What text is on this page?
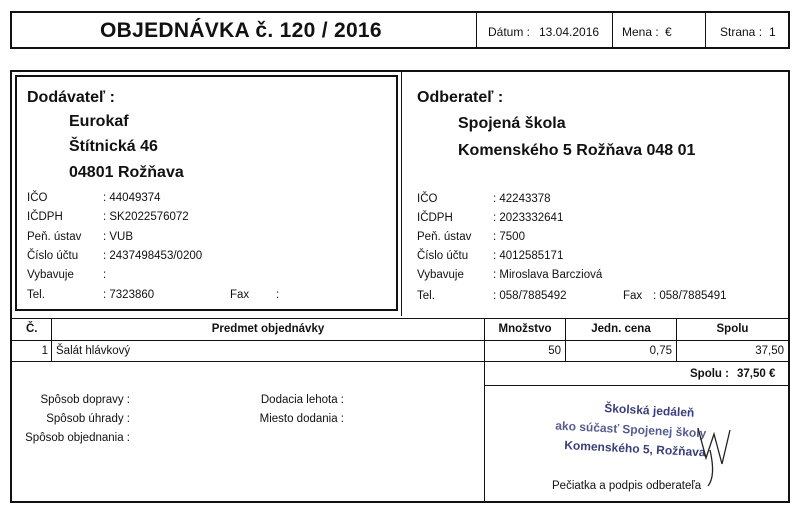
OBJEDNÁVKA č. 120 / 2016	Dátum : 13.04.2016 Mena : €	Strana : 1
Dodávateľ :
Eurokaf
Štítnická 46
04801 Rožňava
IČO	: 44049374
IČDPH	: SK2022576072
Peň. ústav : VUB
Číslo účtu : 2437498453/0200
Vybavuje	:
Tel.	: 7323860	Fax :
Odberateľ :
Spojená škola
Komenského 5 Rožňava 048 01
IČO	: 42243378
IČDPH	: 2023332641
Peň. ústav : 7500
Číslo účtu : 4012585171
Vybavuje	: Miroslava Barcziová
Tel.	: 058/7885492	Fax : 058/7885491
Č.	Predmet objednávky	Množstvo	Jedn. cena	Spolu
1 Šalát hlávkový	50	0,75	37,50
Spolu : 37,50 €
Spôsob dopravy :
Spôsob úhrady :
Spôsob objednania :
Dodacia lehota :
Miesto dodania :	Školská jedáleň
ako súčasť Spojenej školy
Komenského 5, Rožňava
Pečiatka a podpis odberateľa
